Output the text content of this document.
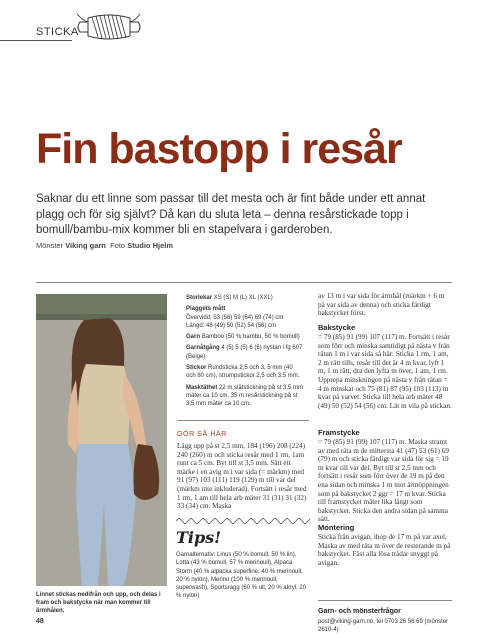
STICKA
Fin bastopp i resår

Saknar du ett linne som passar till det mesta och är fint både under ett annat plagg och för sig självt? Då kan du sluta leta – denna resårstickade topp i bomull/bambu-mix kommer bli en stapelvara i garderoben.

Mönster Viking garn Foto Studio Hjelm

Linnet stickas nedifrån och upp, och delas i fram och bakstycke när man kommer till ärmhålen.

Storlekar XS (S) M (L) XL (XXL)

Plaggets mått
Övervidd: 53 (56) 59 (64) 69 (74) cm
Längd: 48 (49) 50 (52) 54 (56) cm

Garn Bamboo (50 % bambu, 50 % bomull)

Garnåtgång 4 (5) 5 (5) 6 (6) nystan i fg 607 (Beige)

Stickor Rundsticka 2,5 och 3, 5 mm (40 och 80 cm), strumpstickor 2,5 och 3,5 mm.

Masktäthet 22 m slätstickning på st 3,5 mm mäter ca 10 cm. 35 m resårstickning på st 3,5 mm mäter ca 10 cm.

GÖR SÅ HÄR

Lägg upp på st 2,5 mm, 184 (196) 208 (224) 240 (260) m och sticka resår med 1 rm, 1am runt ca 5 cm. Byt till st 3,5 mm. Sätt ett märke i en avig m i var sida (= märkm) med 91 (97) 103 (111) 119 (129) m till var del (märkm inte inkluderad). Fortsätt i resår med 1 rm, 1 am till hela arb mäter 31 (31) 31 (32) 33 (34) cm. Maska

Tips!

Garnalternativ: Linus (50 % bomull, 50 % lin), Lotta (43 % bomull, 57 % merinoull), Alpaca Storm (40 % alpacka superfine, 40 % merinoull, 20 % nylon), Merino (100 % merinoull, superwash), Sportsragg (60 % ull, 20 % akryl, 20 % nylon)

av 13 m i var sida för ärmhål (märkm + 6 m på var sida av denna) och sticka färdigt bakstycket först.

Bakstycke

= 79 (85) 91 (99) 107 (117) m. Fortsätt i resår som förr och minska samtidigt på nästa v från rätan 1 m i var sida så här: Sticka 1 rm, 1 am, 2 m rätt tills, resår till det är 4 m kvar, lyft 1 m, 1 m rätt, dra den lyfta m över, 1 am, 1 rm. Upprepa minskningen på nästa v från rätan = 4 m minskat och 75 (81) 87 (95) 103 (113) m kvar på varvet. Sticka till hela arb mäter 48 (49) 50 (52) 54 (56) cm. Lät m vila på stickan.

Framstycke

= 79 (85) 91 (99) 107 (117) m. Maska stramt av med räta m de mittersta 41 (47) 53 (61) 69 (79) m och sticka färdigt var sida för sig = 19 m kvar till var del. Byt till st 2,5 mm och fortsätt i resår som förr över de 19 m på den ena sidan och minska 1 m mot ärmöppningen som på bakstycket 2 ggr = 17 m kvar. Sticka till framstycket mäter lika långt som bakstycket. Sticka den andra sidan på samma sätt.

Montering

Sticka från avigan, ihop de 17 m på var axel. Maska av med räta m över de resterande m på bakstycket. Fäst alla lösa trådar snyggt på avigan.

Garn- och mönsterfrågor

post@viking-garn.no, tel 0703 26 56 69 (mönster 2610-4)

48
